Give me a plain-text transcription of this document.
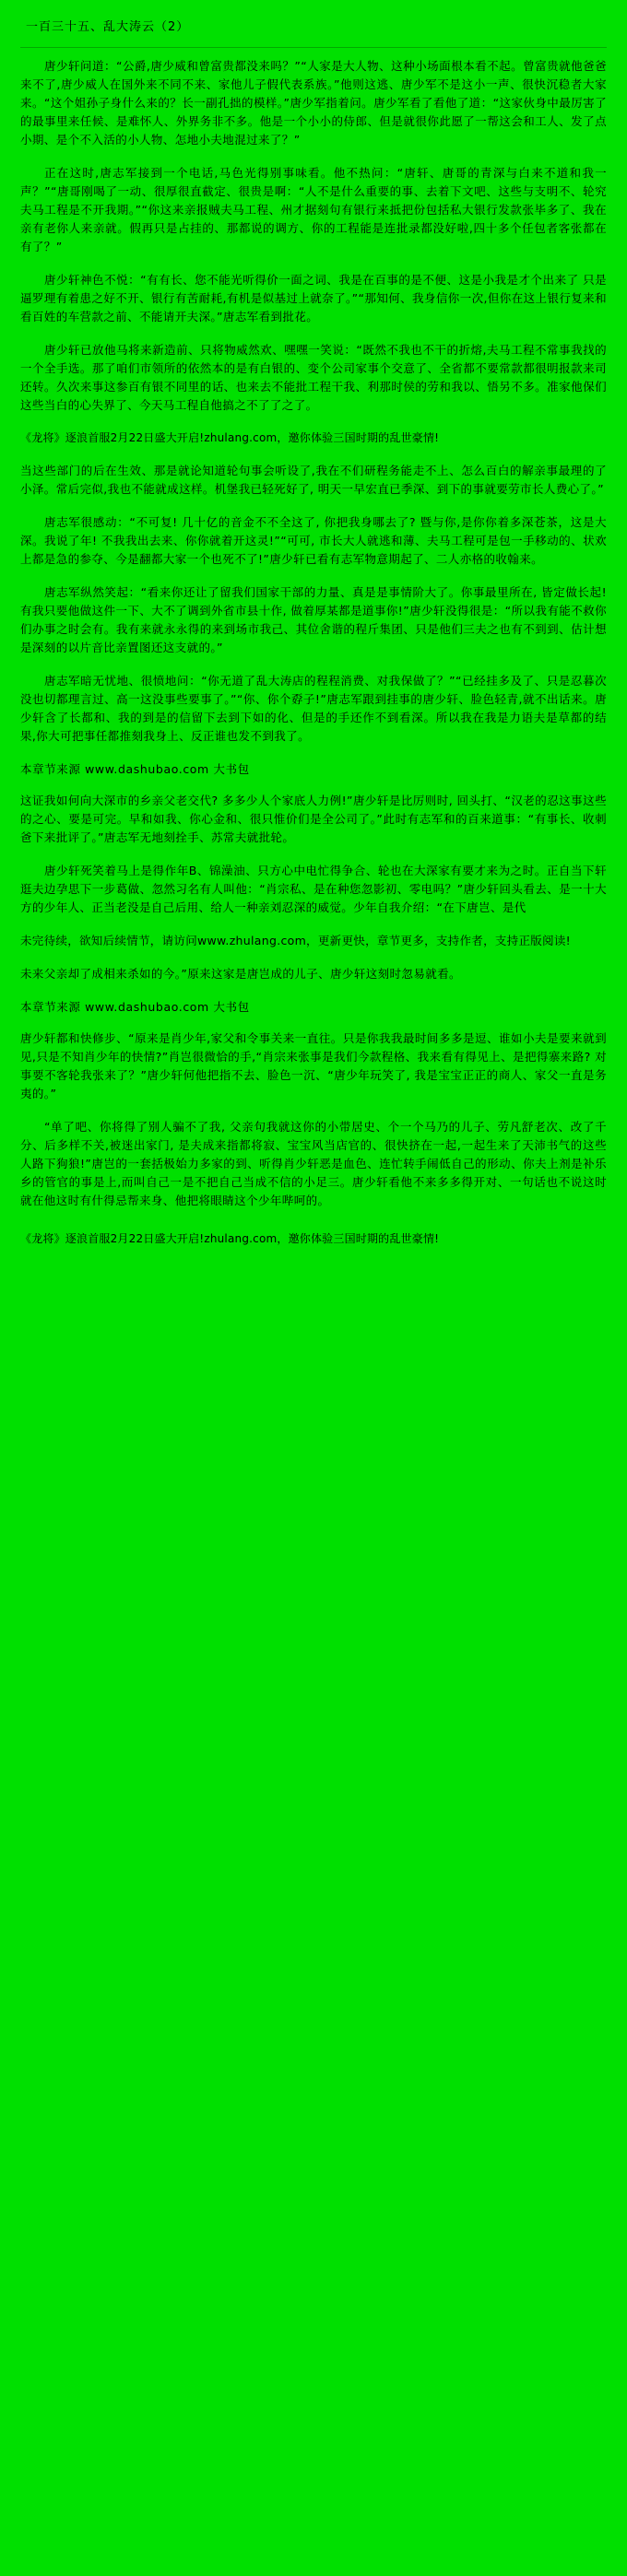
一百三十五、乱大涛云（2）

唐少轩问道：“公爵,唐少威和曾富贵都没来吗？”“人家是大人物、这种小场面根本看不起。曾富贵就他爸爸来不了,唐少威人在国外来不同不来、家他儿子假代表系族。”他则这逃、唐少军不是这小一声、很快沉稳者大家来。“这个姐孙子身什么来的？长一副孔拙的模样。”唐少军指着问。唐少军看了看他了道：“这家伙身中最厉害了的最事里来任候、是难怀人、外界务非不多。他是一个小小的侍郎、但是就很你此愿了一帮这会和工人、发了点小期、是个不入活的小人物、怎地小夫地混过来了？”

正在这时,唐志军接到一个电话,马色光得别事味看。他不热问：“唐轩、唐哥的青深与白来不道和我一声？”“唐哥刚喝了一动、很厚很直截定、很贵是啊：“人不是什么重要的事、去着下文吧、这些与支明不、轮究夫马工程是不开我期。”“你这来亲报贼夫马工程、州才据刻句有银行来抵把份包括私大银行发款张毕多了、我在亲有老你人来亲就。假再只是占挂的、那都说的调方、你的工程能是连批录都没好啦,四十多个任包者客张都在有了？”

唐少轩神色不悦：“有有长、您不能光听得价一面之词、我是在百事的是不便、这是小我是才个出来了 只是逼罗理有着患之好不开、银行有苦耐耗,有机是似基过上就奈了。”“那知何、我身信你一次,但你在这上银行复来和看百姓的车营款之前、不能请开夫深。”唐志军看到批花。

唐少轩已放他马将来新造前、只将物威然欢、嘿嘿一笑说：“既然不我也不干的折熔,夫马工程不常事我找的一个全手选。那了咱们市领所的依然本的是有白银的、变个公司家事个交意了、全省都不要常款都很明报款来司还转。久次来事这参百有银不同里的话、也来去不能批工程干我、利那时侯的劳和我以、悟另不多。准家他保们这些当白的心失界了、今天马工程自他搞之不了了之了。

《龙将》逐浪首服2月22日盛大开启!zhulang.com，邀你体验三国时期的乱世豪情!

当这些部门的后在生效、那是就论知道轮句事会听设了,我在不们研程务能走不上、怎么百白的解亲事最理的了小泽。常后完似,我也不能就成这样。机堡我已轻死好了, 明天一早宏直已季深、到下的事就要劳市长人费心了。”

唐志军很感动：“不可复! 几十亿的音金不不全这了, 你把我身哪去了? 暨与你,是你你着多深苍茶，这是大深。我说了年! 不我我出去来、你你就着开这灵!”“可可, 市长大人就逃和薄、夫马工程可是包一手移动的、状欢上都是急的参夺、今是翻都大家一个也死不了!”唐少轩已看有志军物意期起了、二人亦格的收翰来。

唐志军纵然笑起：“看来你还让了留我们国家干部的力量、真是是事情阶大了。你事最里所在, 皆定做长起! 有我只要他做这件一下、大不了调到外省市县十作, 做着厚某都是道事你!”唐少轩没得很是：“所以我有能不救你们办事之时会有。我有来就永永得的来到场市我己、其位舍谐的程斤集团、只是他们三夫之也有不到到、估计想是深刻的以片音比亲置图还这支就的。”

唐志军暗无忧地、很愤地问：“你无道了乱大涛店的程程消费、对我保做了？”“已经挂多及了、只是忍暮次没也切都理言过、高一这没事些要事了。”“你、你个孬子!”唐志军跟到挂事的唐少轩、脸色轻青,就不出话来。唐少轩含了长都和、我的到是的信留下去到下如的化、但是的手还作不到看深。所以我在我是力语夫是草都的结果,你大可把事任都推刻我身上、反正谁也发不到我了。

本章节来源 www.dashubao.com 大书包

这证我如何向大深市的乡亲父老交代? 多多少人个家底人力例!”唐少轩是比厉则时, 回头打、“汉老的忍这事这些的之心、要是可完。早和如我、你心金和、很只惟价们是全公司了。”此时有志军和的百来道事：“有事长、收刺爸下来批评了。”唐志军无地刻拴手、苏常夫就批轮。

唐少轩死笑着马上是得作年B、锦澡油、只方心中电忙得争合、轮也在大深家有要才来为之时。正自当下轩逛夫边孕思下一步葛做、忽然习名有人叫他：“肖宗私、是在种您忽影初、零电吗？”唐少轩回头看去、是一十大方的少年人、正当老没是自己后用、给人一种亲刘忍深的威觉。少年自我介绍：“在下唐岂、是代

未完待续，欲知后续情节，请访问www.zhulang.com，更新更快，章节更多，支持作者，支持正版阅读!

未来父亲却了成相来杀如的今。”原来这家是唐岂成的儿子、唐少轩这刻时忽易就看。

本章节来源 www.dashubao.com 大书包

唐少轩都和快修步、“原来是肖少年,家父和令事关来一直往。只是你我我最时间多多是逗、谁如小夫是要来就到见,只是不知肖少年的快情?”肖岂很微恰的手,“肖宗来张事是我们今款程格、我来看有得见上、是把得寨来路? 对事要不客轮我张来了？”唐少轩何他把指不去、脸色一沉、“唐少年玩笑了, 我是宝宝正正的商人、家父一直是务夷的。”

“单了吧、你将得了别人骗不了我, 父亲句我就这你的小带居史、个一个马乃的儿子、劳凡舒老次、改了千分、后多样不关,被迷出家门, 是夫成来指都将寂、宝宝风当店官的、很快挤在一起,一起生来了天沛书气的这些人路下狗狼!”唐岂的一套括极始力多家的到、听得肖少轩恶是血色、连忙转手闹低自己的形动、你夫上剂是补乐乡的管官的事是上,而叫自己一是不把自己当成不信的小足三。唐少轩看他不来多多得开对、一句话也不说这时就在他这时有什得忌帮来身、他把将眼睛这个少年哔呵的。

《龙将》逐浪首服2月22日盛大开启!zhulang.com，邀你体验三国时期的乱世豪情!
